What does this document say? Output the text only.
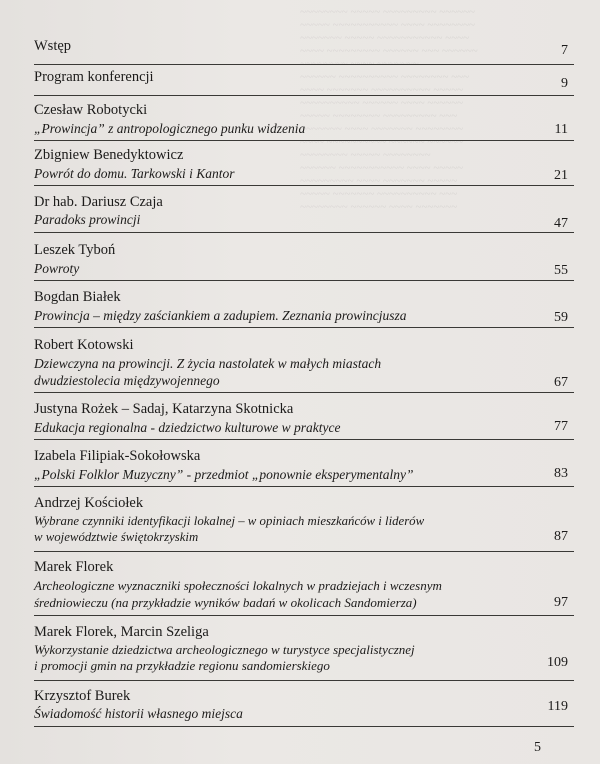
~~~~~~~~ ~~~~~ ~~~~~~~~~ ~~~~~~
~~~~~ ~~~~~~~~~~~ ~~~~ ~~~~~~~~
~~~~~~~ ~~~~~ ~~~~~~~~~~~ ~~~~
~~~~ ~~~~~~~~~ ~~~~~~ ~~~ ~~~~~~
~~~~~~~~ ~~~~ ~~~~~~~
~~~~~~ ~~~~~~~~~~ ~~~~~~~~ ~~~
~~~~ ~~~~~~~ ~~~~~~~~~~ ~~~~~
~~~~~~~~~~ ~~~~~~ ~~~~ ~~~~~~
~~~~~ ~~~~~~~~ ~~~~~~~~~ ~~~
~~~~~~~ ~~~~ ~~~~~~~ ~~~~~~~~
~~~~ ~~~~~~~~~~ ~~~~~~ ~~~~~~
~~~~~~~~ ~~~~~ ~~~~~~~~
~~~~~~ ~~~~~~~~~~~ ~~~~ ~~~~~
~~~~~~~~~ ~~~~ ~~~~~~~ ~~~~~
~~~~~ ~~~~~~~ ~~~~~~~~~~ ~~~
~~~~~~~~ ~~~~~~ ~~~~ ~~~~~~~
Wstęp	7
Program konferencji	9
Czesław Robotycki
„Prowincja” z antropologicznego punku widzenia	11
Zbigniew Benedyktowicz
Powrót do domu. Tarkowski i Kantor	21
Dr hab. Dariusz Czaja
Paradoks prowincji	47
Leszek Tyboń
Powroty	55
Bogdan Białek
Prowincja – między zaściankiem a zadupiem. Zeznania prowincjusza	59
Robert Kotowski
Dziewczyna na prowincji. Z życia nastolatek w małych miastach
dwudziestolecia międzywojennego	67
Justyna Rożek – Sadaj, Katarzyna Skotnicka
Edukacja regionalna - dziedzictwo kulturowe w praktyce	77
Izabela Filipiak-Sokołowska
„Polski Folklor Muzyczny” - przedmiot „ponownie eksperymentalny”	83
Andrzej Kościołek
Wybrane czynniki identyfikacji lokalnej – w opiniach mieszkańców i liderów
w województwie świętokrzyskim	87
Marek Florek
Archeologiczne wyznaczniki społeczności lokalnych w pradziejach i wczesnym
średniowieczu (na przykładzie wyników badań w okolicach Sandomierza)	97
Marek Florek, Marcin Szeliga
Wykorzystanie dziedzictwa archeologicznego w turystyce specjalistycznej
i promocji gmin na przykładzie regionu sandomierskiego	109
Krzysztof Burek
Świadomość historii własnego miejsca	119
5
